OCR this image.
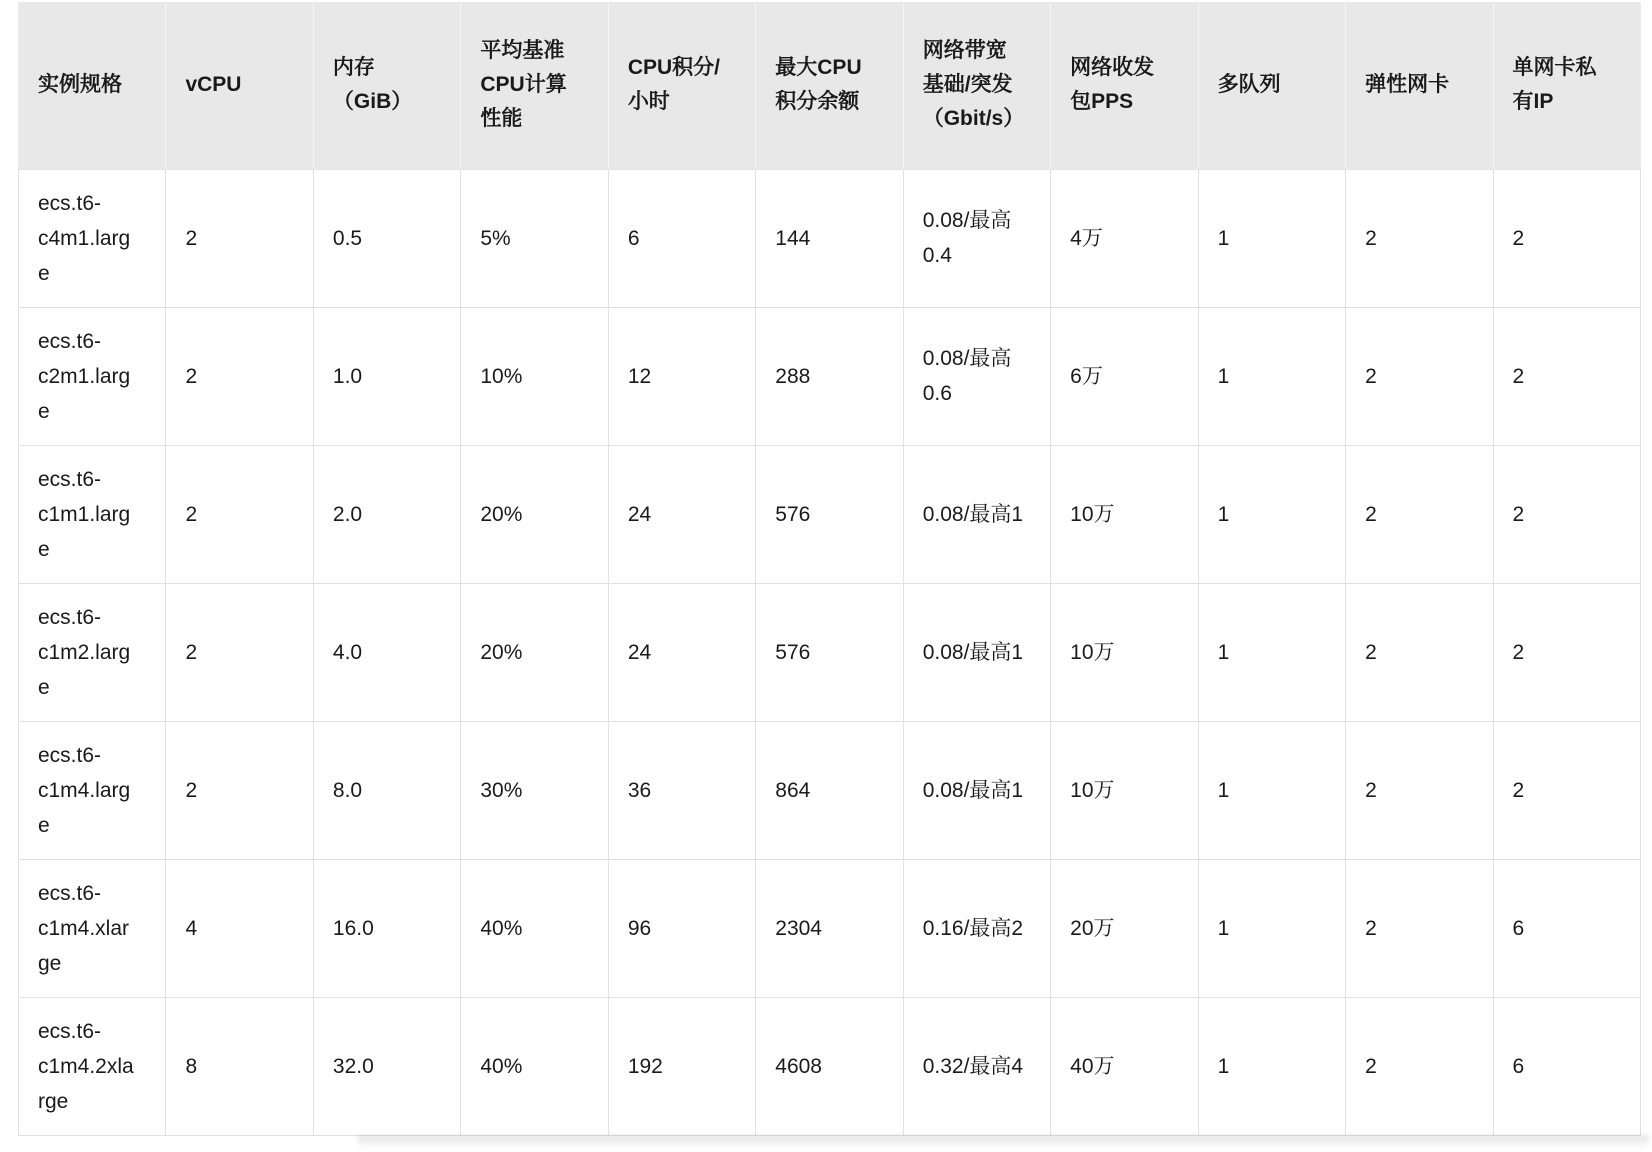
实例规格	vCPU	内存（GiB）	平均基准CPU计算性能	CPU积分/小时	最大CPU积分余额	网络带宽基础/突发（Gbit/s）	网络收发包PPS	多队列	弹性网卡	单网卡私有IP
ecs.t6-c4m1.large	2	0.5	5%	6	144	0.08/最高0.4	4万	1	2	2
ecs.t6-c2m1.large	2	1.0	10%	12	288	0.08/最高0.6	6万	1	2	2
ecs.t6-c1m1.large	2	2.0	20%	24	576	0.08/最高1	10万	1	2	2
ecs.t6-c1m2.large	2	4.0	20%	24	576	0.08/最高1	10万	1	2	2
ecs.t6-c1m4.large	2	8.0	30%	36	864	0.08/最高1	10万	1	2	2
ecs.t6-c1m4.xlarge	4	16.0	40%	96	2304	0.16/最高2	20万	1	2	6
ecs.t6-c1m4.2xlarge	8	32.0	40%	192	4608	0.32/最高4	40万	1	2	6
